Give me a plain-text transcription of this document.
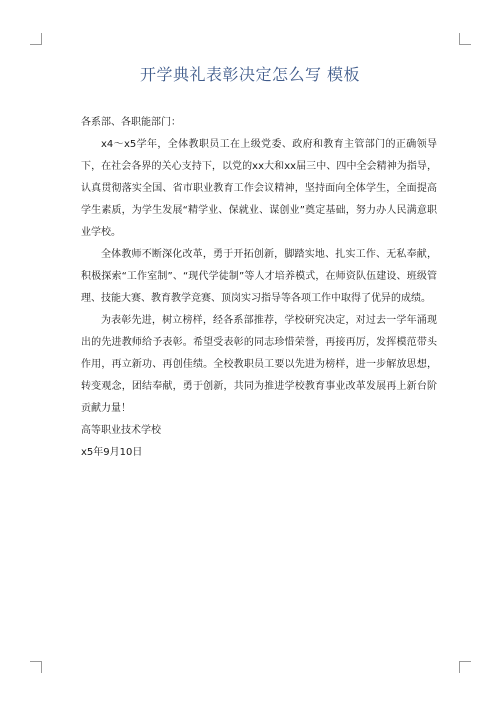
开学典礼表彰决定怎么写 模板

各系部、各职能部门：

x4～x5学年，全体教职员工在上级党委、政府和教育主管部门的正确领导下，在社会各界的关心支持下，以党的xx大和xx届三中、四中全会精神为指导，认真贯彻落实全国、省市职业教育工作会议精神，坚持面向全体学生，全面提高学生素质，为学生发展“精学业、保就业、谋创业”奠定基础，努力办人民满意职业学校。

全体教师不断深化改革，勇于开拓创新，脚踏实地、扎实工作、无私奉献，积极探索“工作室制”、“现代学徒制”等人才培养模式，在师资队伍建设、班级管理、技能大赛、教育教学竞赛、顶岗实习指导等各项工作中取得了优异的成绩。

为表彰先进，树立榜样，经各系部推荐，学校研究决定，对过去一学年涌现出的先进教师给予表彰。希望受表彰的同志珍惜荣誉，再接再厉，发挥模范带头作用，再立新功、再创佳绩。全校教职员工要以先进为榜样，进一步解放思想，转变观念，团结奉献，勇于创新，共同为推进学校教育事业改革发展再上新台阶贡献力量！

高等职业技术学校

x5年9月10日
